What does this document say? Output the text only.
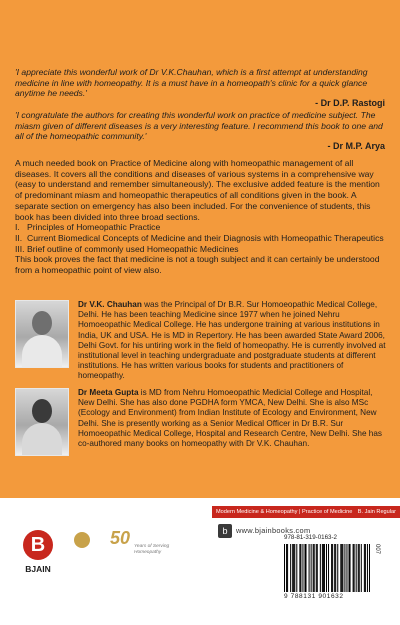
'I appreciate this wonderful work of Dr V.K.Chauhan, which is a first attempt at understanding medicine in line with homeopathy. It is a must have in a homeopath's clinic for a quick glance anytime he needs.'
- Dr D.P. Rastogi
'I congratulate the authors for creating this wonderful work on practice of medicine subject. The miasm given of different diseases is a very interesting feature. I recommend this book to one and all of the homeopathic community.'
- Dr M.P. Arya

A much needed book on Practice of Medicine along with homeopathic management of all diseases. It covers all the conditions and diseases of various systems in a comprehensive way (easy to understand and remember simultaneously). The exclusive added feature is the mention of predominant miasm and homeopathic therapeutics of all conditions given in the book. A separate section on emergency has also been included. For the convenience of students, this book has been divided into three broad sections.

I. Principles of Homeopathic Practice
II. Current Biomedical Concepts of Medicine and their Diagnosis with Homeopathic Therapeutics
III. Brief outline of commonly used Homeopathic Medicines

This book proves the fact that medicine is not a tough subject and it can certainly be understood from a homeopathic point of view also.

Dr V.K. Chauhan was the Principal of Dr B.R. Sur Homoeopathic Medical College, Delhi. He has been teaching Medicine since 1977 when he joined Nehru Homoeopathic Medical College. He has undergone training at various institutions in India, UK and USA. He is MD in Repertory. He has been awarded State Award 2006, Delhi Govt. for his untiring work in the field of homeopathy. He is currently involved at institutional level in teaching undergraduate and postgraduate students at different institutions. He has written various books for students and practitioners of homeopathy.
Dr Meeta Gupta is MD from Nehru Homoeopathic Medicial College and Hospital, New Delhi. She has also done PGDHA form YMCA, New Delhi. She is also MSc (Ecology and Environment) from Indian Institute of Ecology and Environment, New Delhi. She is presently working as a Senior Medical Officer in Dr B.R. Sur Homoeopathic Medical College, Hospital and Research Centre, New Delhi. She has co-authored many books on homeopathy with Dr V.K. Chauhan.
Modern Medicine & Homeopathy | Practice of Medicine B. Jain Regular
B
BJAIN
50 Years of Serving Homeopathy
b	www.bjainbooks.com
978-81-319-0163-2
9 788131 901632
007
